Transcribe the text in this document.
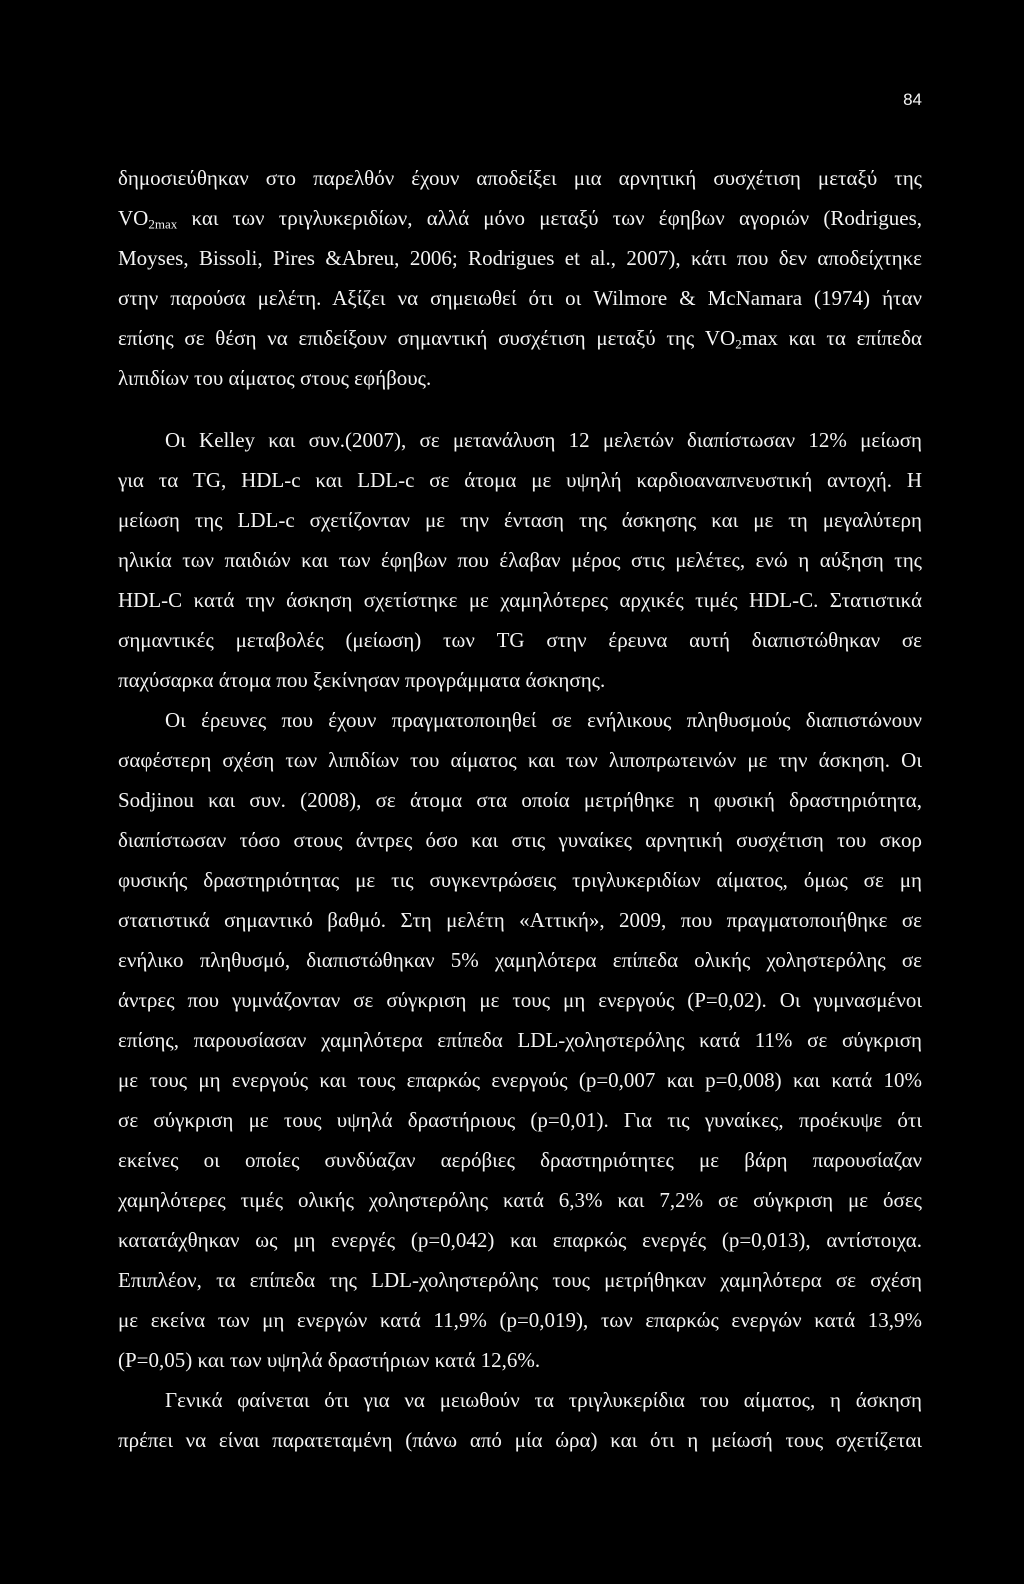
84
δημοσιεύθηκαν στο παρελθόν έχουν αποδείξει μια αρνητική συσχέτιση μεταξύ της
$VO_{2max}$ και των τριγλυκεριδίων, αλλά μόνο μεταξύ των έφηβων αγοριών (Rodrigues,
Moyses, Bissoli, Pires &Abreu, 2006; Rodrigues et al., 2007), κάτι που δεν αποδείχτηκε
στην παρούσα μελέτη. Αξίζει να σημειωθεί ότι οι Wilmore & McNamara (1974) ήταν
επίσης σε θέση να επιδείξουν σημαντική συσχέτιση μεταξύ της $VO_2\max$ και τα επίπεδα
λιπιδίων του αίματος στους εφήβους.
Οι Kelley και συν.(2007), σε μετανάλυση 12 μελετών διαπίστωσαν 12% μείωση
για τα TG, HDL-c και LDL-c σε άτομα με υψηλή καρδιοαναπνευστική αντοχή. Η
μείωση της LDL-c σχετίζονταν με την ένταση της άσκησης και με τη μεγαλύτερη
ηλικία των παιδιών και των έφηβων που έλαβαν μέρος στις μελέτες, ενώ η αύξηση της
HDL-C κατά την άσκηση σχετίστηκε με χαμηλότερες αρχικές τιμές HDL-C. Στατιστικά
σημαντικές μεταβολές (μείωση) των TG στην έρευνα αυτή διαπιστώθηκαν σε
παχύσαρκα άτομα που ξεκίνησαν προγράμματα άσκησης.
Οι έρευνες που έχουν πραγματοποιηθεί σε ενήλικους πληθυσμούς διαπιστώνουν
σαφέστερη σχέση των λιπιδίων του αίματος και των λιποπρωτεινών με την άσκηση. Οι
Sodjinou και συν. (2008), σε άτομα στα οποία μετρήθηκε η φυσική δραστηριότητα,
διαπίστωσαν τόσο στους άντρες όσο και στις γυναίκες αρνητική συσχέτιση του σκορ
φυσικής δραστηριότητας με τις συγκεντρώσεις τριγλυκεριδίων αίματος, όμως σε μη
στατιστικά σημαντικό βαθμό. Στη μελέτη «Αττική», 2009, που πραγματοποιήθηκε σε
ενήλικο πληθυσμό, διαπιστώθηκαν 5% χαμηλότερα επίπεδα ολικής χοληστερόλης σε
άντρες που γυμνάζονταν σε σύγκριση με τους μη ενεργούς (P=0,02). Οι γυμνασμένοι
επίσης, παρουσίασαν χαμηλότερα επίπεδα LDL-χοληστερόλης κατά 11% σε σύγκριση
με τους μη ενεργούς και τους επαρκώς ενεργούς (p=0,007 και p=0,008) και κατά 10%
σε σύγκριση με τους υψηλά δραστήριους (p=0,01). Για τις γυναίκες, προέκυψε ότι
εκείνες οι οποίες συνδύαζαν αερόβιες δραστηριότητες με βάρη παρουσίαζαν
χαμηλότερες τιμές ολικής χοληστερόλης κατά 6,3% και 7,2% σε σύγκριση με όσες
κατατάχθηκαν ως μη ενεργές (p=0,042) και επαρκώς ενεργές (p=0,013), αντίστοιχα.
Επιπλέον, τα επίπεδα της LDL-χοληστερόλης τους μετρήθηκαν χαμηλότερα σε σχέση
με εκείνα των μη ενεργών κατά 11,9% (p=0,019), των επαρκώς ενεργών κατά 13,9%
(P=0,05) και των υψηλά δραστήριων κατά 12,6%.
Γενικά φαίνεται ότι για να μειωθούν τα τριγλυκερίδια του αίματος, η άσκηση
πρέπει να είναι παρατεταμένη (πάνω από μία ώρα) και ότι η μείωσή τους σχετίζεται
